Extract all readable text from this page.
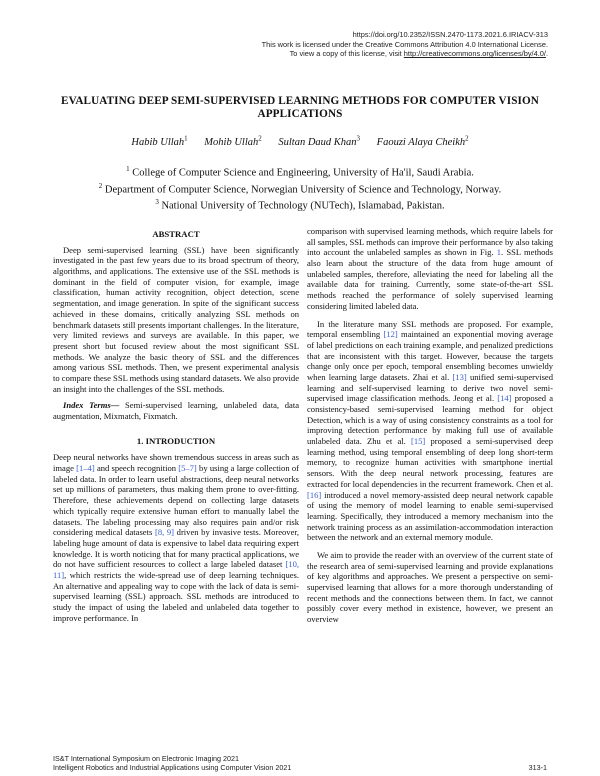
https://doi.org/10.2352/ISSN.2470-1173.2021.6.IRIACV-313
This work is licensed under the Creative Commons Attribution 4.0 International License.
To view a copy of this license, visit http://creativecommons.org/licenses/by/4.0/.
EVALUATING DEEP SEMI-SUPERVISED LEARNING METHODS FOR COMPUTER VISION APPLICATIONS
Habib Ullah$^1$ Mohib Ullah$^2$ Sultan Daud Khan$^3$ Faouzi Alaya Cheikh$^2$
$^1$ College of Computer Science and Engineering, University of Ha'il, Saudi Arabia.
$^2$ Department of Computer Science, Norwegian University of Science and Technology, Norway.
$^3$ National University of Technology (NUTech), Islamabad, Pakistan.
ABSTRACT

Deep semi-supervised learning (SSL) have been significantly investigated in the past few years due to its broad spectrum of theory, algorithms, and applications. The extensive use of the SSL methods is dominant in the field of computer vision, for example, image classification, human activity recognition, object detection, scene segmentation, and image generation. In spite of the significant success achieved in these domains, critically analyzing SSL methods on benchmark datasets still presents important challenges. In the literature, very limited reviews and surveys are available. In this paper, we present short but focused review about the most significant SSL methods. We analyze the basic theory of SSL and the differences among various SSL methods. Then, we present experimental analysis to compare these SSL methods using standard datasets. We also provide an insight into the challenges of the SSL methods.

Index Terms— Semi-supervised learning, unlabeled data, data augmentation, Mixmatch, Fixmatch.

1. INTRODUCTION

Deep neural networks have shown tremendous success in areas such as image [1–4] and speech recognition [5–7] by using a large collection of labeled data. In order to learn useful abstractions, deep neural networks set up millions of parameters, thus making them prone to over-fitting. Therefore, these achievements depend on collecting large datasets which typically require extensive human effort to manually label the datasets. The labeling processing may also requires pain and/or risk considering medical datasets [8, 9] driven by invasive tests. Moreover, labeling huge amount of data is expensive to label data requiring expert knowledge. It is worth noticing that for many practical applications, we do not have sufficient resources to collect a large labeled dataset [10, 11], which restricts the wide-spread use of deep learning techniques. An alternative and appealing way to cope with the lack of data is semi-supervised learning (SSL) approach. SSL methods are introduced to study the impact of using the labeled and unlabeled data together to improve performance. In

comparison with supervised learning methods, which require labels for all samples, SSL methods can improve their performance by also taking into account the unlabeled samples as shown in Fig. 1. SSL methods also learn about the structure of the data from huge amount of unlabeled samples, therefore, alleviating the need for labeling all the available data for training. Currently, some state-of-the-art SSL methods reached the performance of solely supervised learning considering limited labeled data.

In the literature many SSL methods are proposed. For example, temporal ensembling [12] maintained an exponential moving average of label predictions on each training example, and penalized predictions that are inconsistent with this target. However, because the targets change only once per epoch, temporal ensembling becomes unwieldy when learning large datasets. Zhai et al. [13] unified semi-supervised learning and self-supervised learning to derive two novel semi-supervised image classification methods. Jeong et al. [14] proposed a consistency-based semi-supervised learning method for object Detection, which is a way of using consistency constraints as a tool for improving detection performance by making full use of available unlabeled data. Zhu et al. [15] proposed a semi-supervised deep learning method, using temporal ensembling of deep long short-term memory, to recognize human activities with smartphone inertial sensors. With the deep neural network processing, features are extracted for local dependencies in the recurrent framework. Chen et al. [16] introduced a novel memory-assisted deep neural network capable of using the memory of model learning to enable semi-supervised learning. Specifically, they introduced a memory mechanism into the network training process as an assimilation-accommodation interaction between the network and an external memory module.

We aim to provide the reader with an overview of the current state of the research area of semi-supervised learning and provide explanations of key algorithms and approaches. We present a perspective on semi-supervised learning that allows for a more thorough understanding of recent methods and the connections between them. In fact, we cannot possibly cover every method in existence, however, we present an overview

IS&T International Symposium on Electronic Imaging 2021
Intelligent Robotics and Industrial Applications using Computer Vision 2021	313-1
